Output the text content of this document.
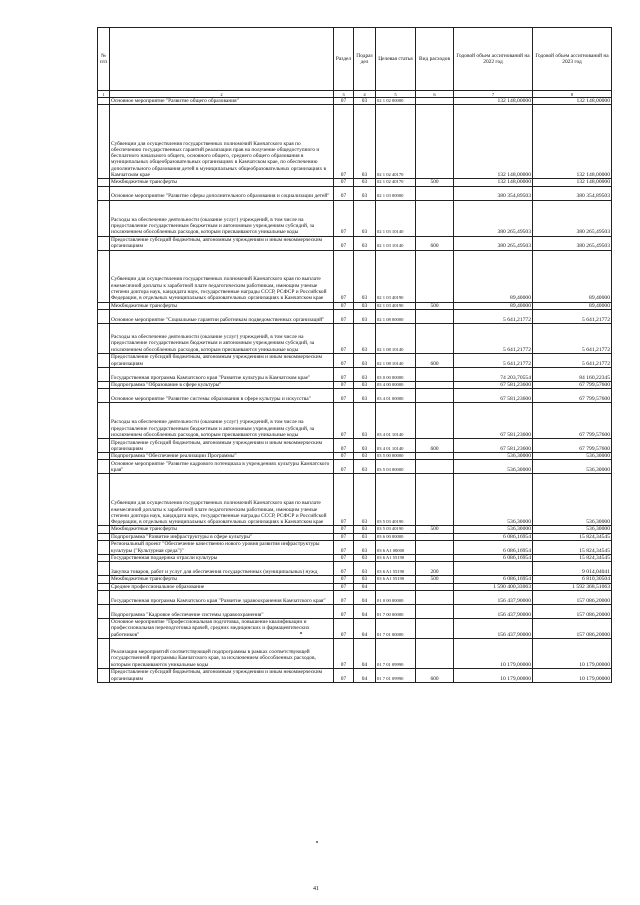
№ п/п		Раздел	Подраздел	Целевая статья	Вид расходов	Годовой объем ассигнований на 2022 год	Годовой объем ассигнований на 2023 год
1	2	3	4	5	6	7	8
	Основное мероприятие "Развитие общего образования"	07	03	02 1 02 00000		132 148,00000	132 148,00000
	Субвенции для осуществления государственных полномочий Камчатского края по обеспечению государственных гарантий реализации прав на получение общедоступного и бесплатного начального общего, основного общего, среднего общего образования в муниципальных общеобразовательных организациях в Камчатском крае, по обеспечению дополнительного образования детей в муниципальных общеобразовательных организациях в Камчатском крае	07	03	02 1 02 40170		132 148,00000	132 148,00000
	Межбюджетные трансферты	07	03	02 1 02 40170	500	132 148,00000	132 148,00000
	Основное мероприятие "Развитие сферы дополнительного образования и социализации детей"	07	03	02 1 03 00000		380 354,89503	380 354,89503
	Расходы на обеспечение деятельности (оказание услуг) учреждений, в том числе на предоставление государственным бюджетным и автономным учреждениям субсидий, за исключением обособленных расходов, которым присваиваются уникальные коды	07	03	02 1 03 10140		380 265,49503	380 265,49503
	Предоставление субсидий бюджетным, автономным учреждениям и иным некоммерческим организациям	07	03	02 1 03 10140	600	380 265,49503	380 265,49503
	Субвенции для осуществления государственных полномочий Камчатского края по выплате ежемесячной доплаты к заработной плате педагогическим работникам, имеющим ученые степени доктора наук, кандидата наук, государственные награды СССР, РСФСР и Российской Федерации, в отдельных муниципальных образовательных организациях в Камчатском крае	07	03	02 1 03 40190		89,40000	89,40000
	Межбюджетные трансферты	07	03	02 1 03 40190	500	89,40000	89,40000
	Основное мероприятие "Социальные гарантии работникам подведомственных организаций"	07	03	02 1 08 00000		5 641,21772	5 641,21772
	Расходы на обеспечение деятельности (оказание услуг) учреждений, в том числе на предоставление государственным бюджетным и автономным учреждениям субсидий, за исключением обособленных расходов, которым присваиваются уникальные коды	07	03	02 1 08 10140		5 641,21772	5 641,21772
	Предоставление субсидий бюджетным, автономным учреждениям и иным некоммерческим организациям	07	03	02 1 08 10140	600	5 641,21772	5 641,21772
	Государственная программа Камчатского края "Развитие культуры в Камчатском крае"	07	03	03 0 00 00000		74 203,70554	84 160,22345
	Подпрограмма "Образование в сфере культуры"	07	03	03 4 00 00000		67 581,23600	67 799,57600
	Основное мероприятие "Развитие системы образования в сфере культуры и искусства"	07	03	03 4 01 00000		67 581,23600	67 799,57600
	Расходы на обеспечение деятельности (оказание услуг) учреждений, в том числе на предоставление государственным бюджетным и автономным учреждениям субсидий, за исключением обособленных расходов, которым присваиваются уникальные коды	07	03	03 4 01 10140		67 581,23600	67 799,57600
	Предоставление субсидий бюджетным, автономным учреждениям и иным некоммерческим организациям	07	03	03 4 01 10140	600	67 581,23600	67 799,57600
	Подпрограмма "Обеспечение реализации Программы"	07	03	03 5 00 00000		536,30000	536,30000
	Основное мероприятие "Развитие кадрового потенциала в учреждениях культуры Камчатского края"	07	03	03 5 03 00000		536,30000	536,30000
	Субвенции для осуществления государственных полномочий Камчатского края по выплате ежемесячной доплаты к заработной плате педагогическим работникам, имеющим ученые степени доктора наук, кандидата наук, государственные награды СССР, РСФСР и Российской Федерации, в отдельных муниципальных образовательных организациях в Камчатском крае	07	03	03 5 03 40190		536,30000	536,30000
	Межбюджетные трансферты	07	03	03 5 03 40190	500	536,30000	536,30000
	Подпрограмма "Развитие инфраструктуры в сфере культуры"	07	03	03 6 00 00000		6 086,16954	15 824,34545
	Региональный проект "Обеспечение качественно нового уровня развития инфраструктуры культуры ("Культурная среда")"	07	03	03 6 A1 00000		6 086,16954	15 824,34545
	Государственная поддержка отрасли культуры	07	03	03 6 A1 55190		6 086,16954	15 824,34545
	Закупка товаров, работ и услуг для обеспечения государственных (муниципальных) нужд	07	03	03 6 A1 55190	200		9 014,04041
	Межбюджетные трансферты	07	03	03 6 A1 55190	500	6 086,16954	6 810,30504
	Среднее профессиональное образование	07	04			1 590 400,33063	1 592 368,51063
	Государственная программа Камчатского края "Развитие здравоохранения Камчатского края"	07	04	01 0 00 00000		156 437,90000	157 086,20000
	Подпрограмма "Кадровое обеспечение системы здравоохранения"	07	04	01 7 00 00000		156 437,90000	157 086,20000
	Основное мероприятие "Профессиональная подготовка, повышение квалификации и профессиональная переподготовка врачей, средних медицинских и фармацевтических работников"	07	04	01 7 01 00000		156 437,90000	157 086,20000
	Реализация мероприятий соответствующей подпрограммы в рамках соответствующей государственной программы Камчатского края, за исключением обособленных расходов, которым присваиваются уникальные коды	07	04	01 7 01 09990		10 179,00000	10 179,00000
	Предоставление субсидий бюджетным, автономным учреждениям и иным некоммерческим организациям	07	04	01 7 01 09990	600	10 179,00000	10 179,00000
41
